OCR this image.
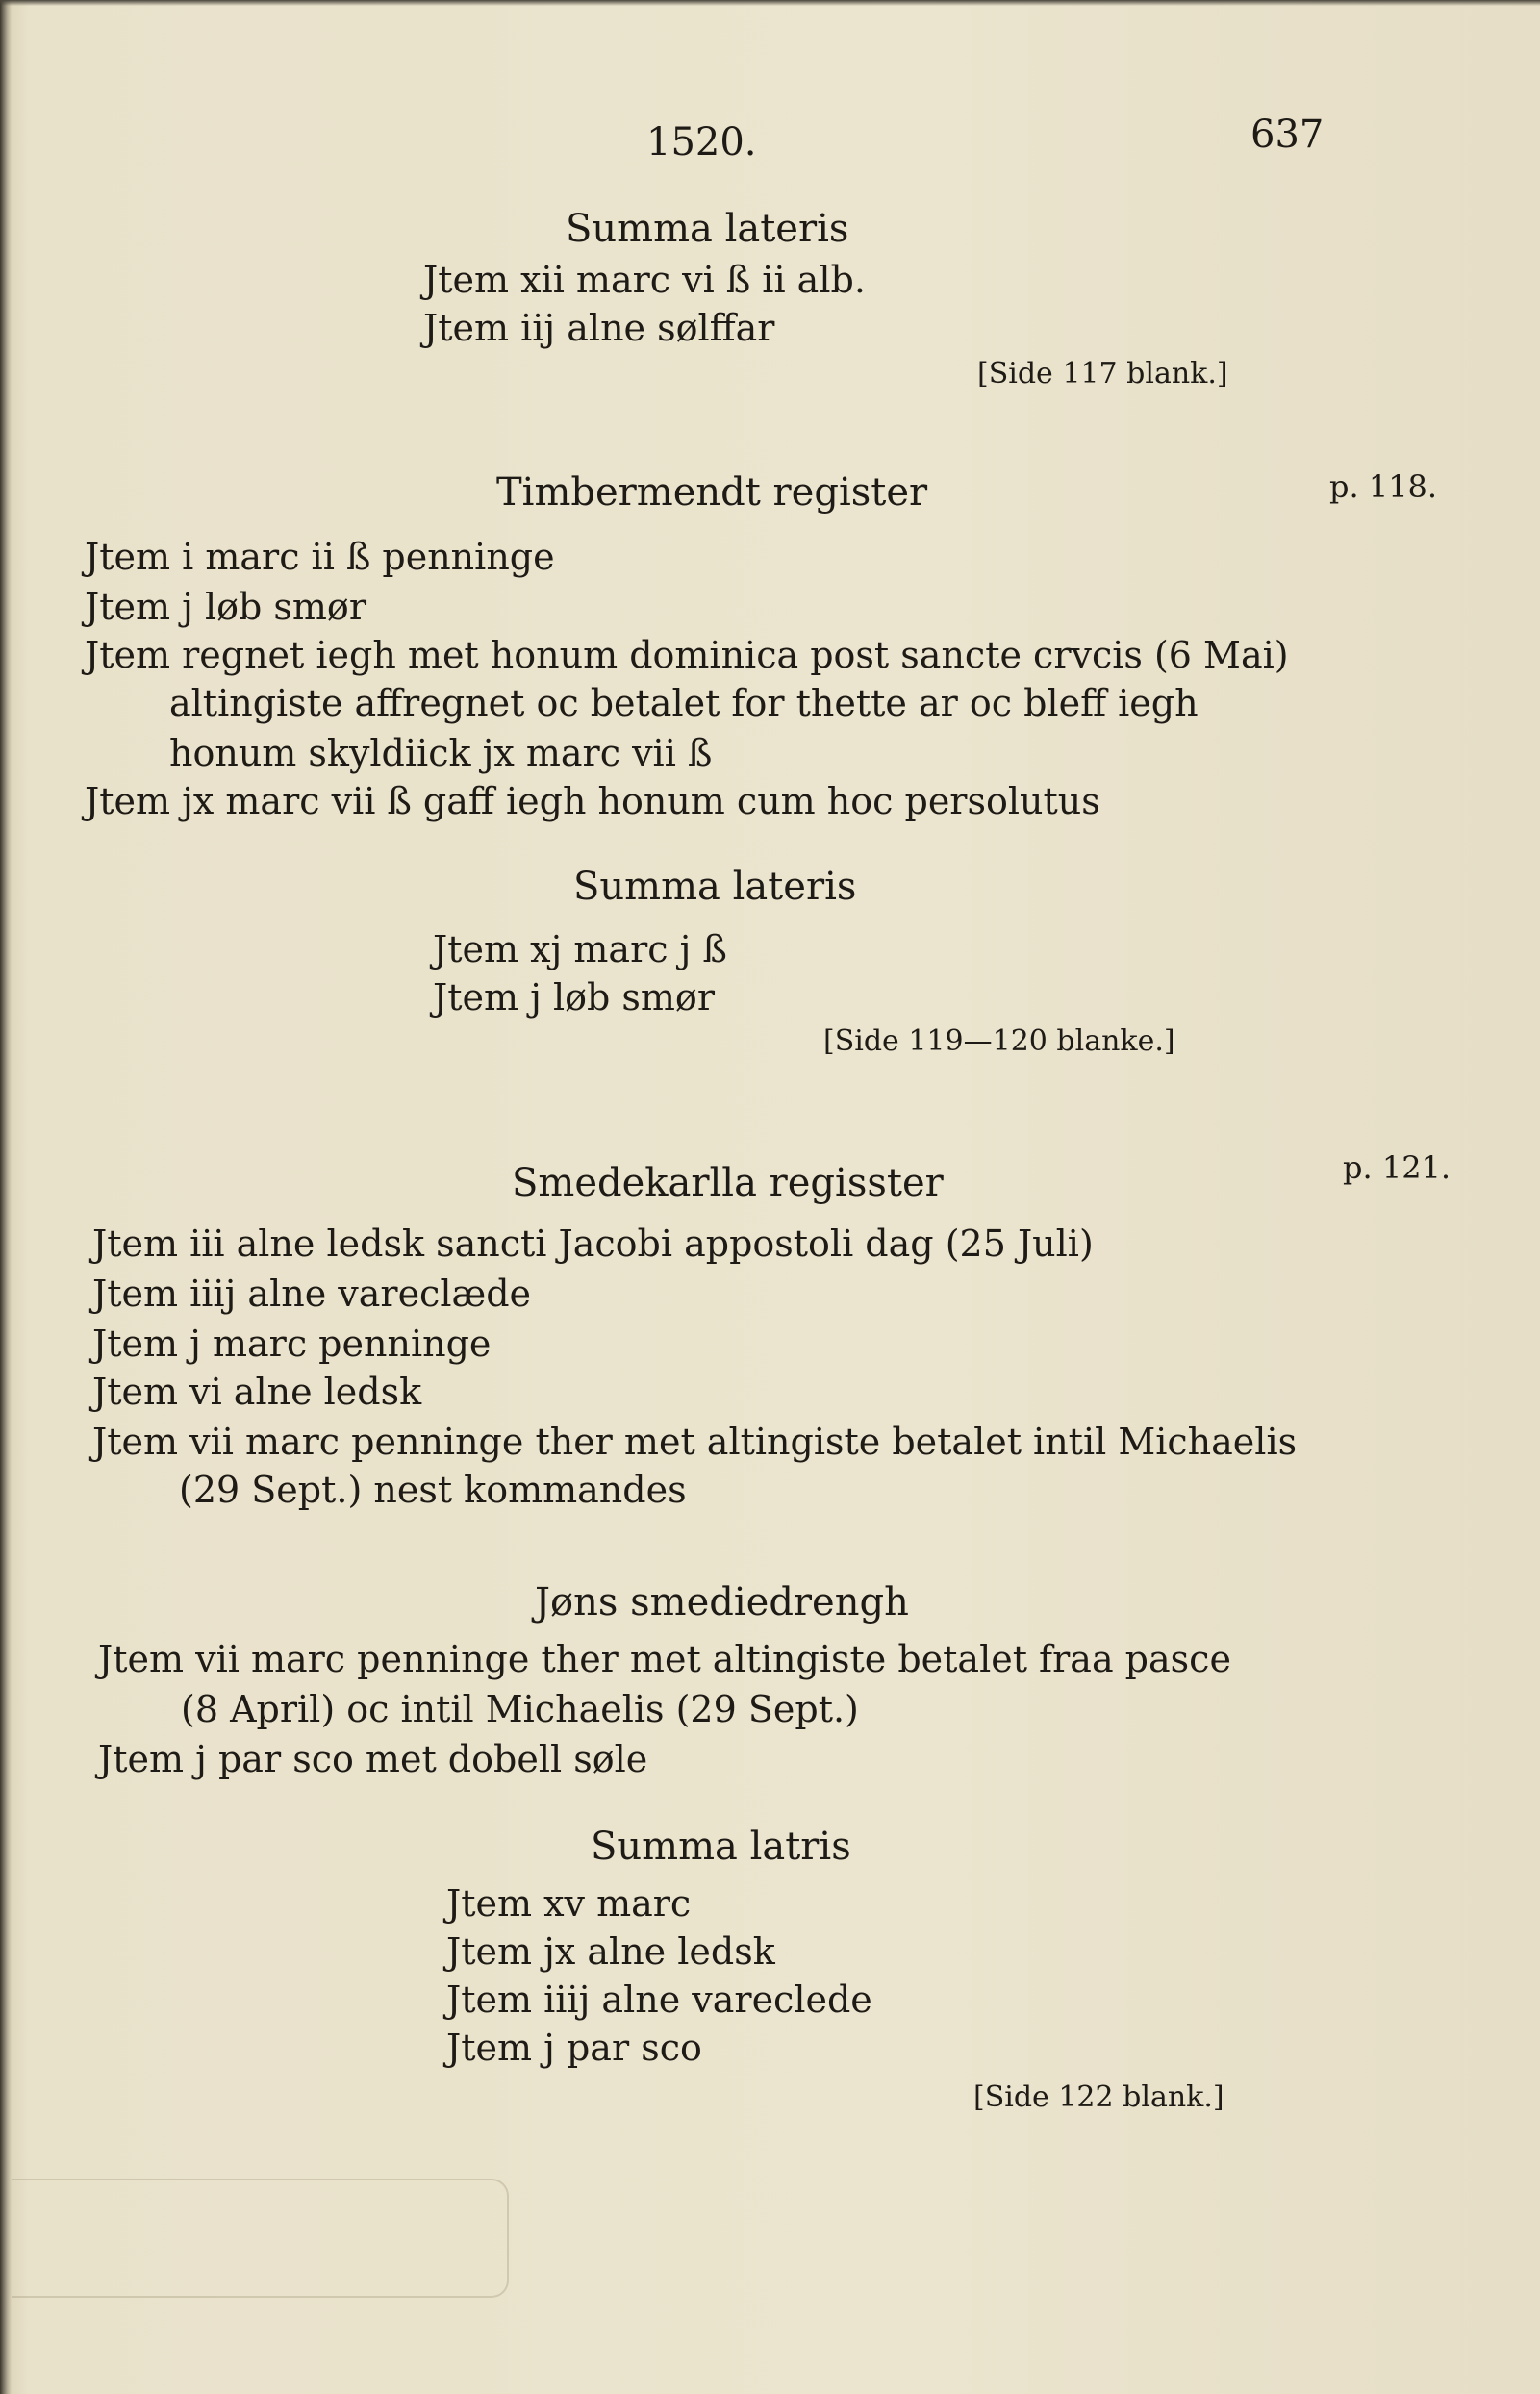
1520.	637
Summa lateris
Jtem xii marc vi ß ii alb.
Jtem iij alne sølffar
[Side 117 blank.]
Timbermendt register	p. 118.
Jtem i marc ii ß penninge
Jtem j løb smør
Jtem regnet iegh met honum dominica post sancte crvcis (6 Mai)
altingiste affregnet oc betalet for thette ar oc bleff iegh
honum skyldiick jx marc vii ß
Jtem jx marc vii ß gaff iegh honum cum hoc persolutus
Summa lateris
Jtem xj marc j ß
Jtem j løb smør
[Side 119—120 blanke.]
Smedekarlla regisster	p. 121.
Jtem iii alne ledsk sancti Jacobi appostoli dag (25 Juli)
Jtem iiij alne vareclæde
Jtem j marc penninge
Jtem vi alne ledsk
Jtem vii marc penninge ther met altingiste betalet intil Michaelis
(29 Sept.) nest kommandes
Jøns smediedrengh
Jtem vii marc penninge ther met altingiste betalet fraa pasce
(8 April) oc intil Michaelis (29 Sept.)
Jtem j par sco met dobell søle
Summa latris
Jtem xv marc
Jtem jx alne ledsk
Jtem iiij alne vareclede
Jtem j par sco
[Side 122 blank.]
